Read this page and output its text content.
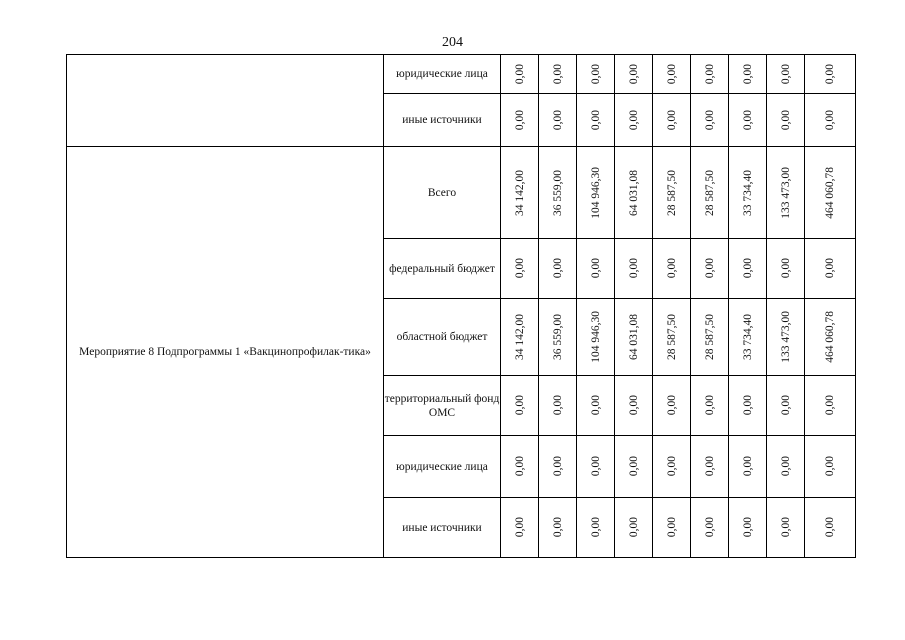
204
	юридические лица	0,00	0,00	0,00	0,00	0,00	0,00	0,00	0,00	0,00

	иные источники	0,00	0,00	0,00	0,00	0,00	0,00	0,00	0,00	0,00

Мероприятие 8 Подпрограммы 1 «Вакцинопрофилак-тика»	Всего	34 142,00	36 559,00	104 946,30	64 031,08	28 587,50	28 587,50	33 734,40	133 473,00	464 060,78

	федеральный бюджет	0,00	0,00	0,00	0,00	0,00	0,00	0,00	0,00	0,00

	областной бюджет	34 142,00	36 559,00	104 946,30	64 031,08	28 587,50	28 587,50	33 734,40	133 473,00	464 060,78

	территориальный фонд ОМС	0,00	0,00	0,00	0,00	0,00	0,00	0,00	0,00	0,00

	юридические лица	0,00	0,00	0,00	0,00	0,00	0,00	0,00	0,00	0,00

	иные источники	0,00	0,00	0,00	0,00	0,00	0,00	0,00	0,00	0,00
